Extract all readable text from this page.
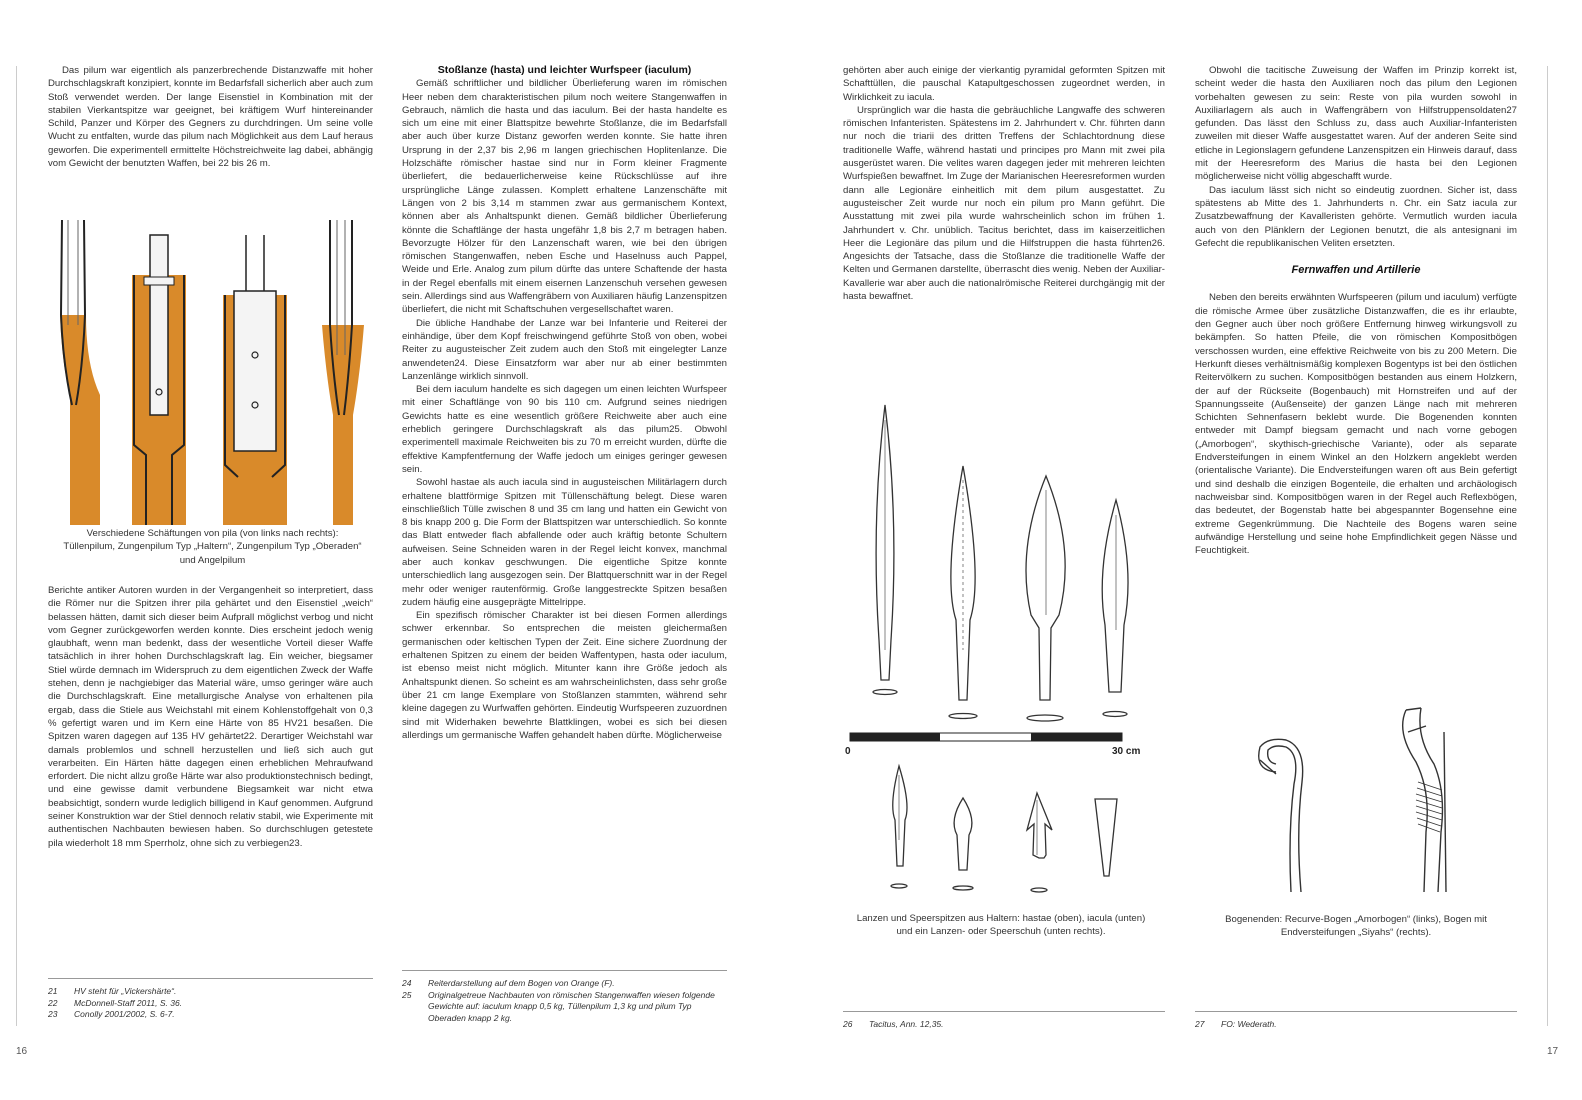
Das pilum war eigentlich als panzerbrechende Distanzwaffe mit hoher Durchschlagskraft konzipiert, konnte im Bedarfsfall sicherlich aber auch zum Stoß verwendet werden. Der lange Eisenstiel in Kombination mit der stabilen Vierkantspitze war geeignet, bei kräftigem Wurf hintereinander Schild, Panzer und Körper des Gegners zu durchdringen. Um seine volle Wucht zu entfalten, wurde das pilum nach Möglichkeit aus dem Lauf heraus geworfen. Die experimentell ermittelte Höchstreichweite lag dabei, abhängig vom Gewicht der benutzten Waffen, bei 22 bis 26 m.

Verschiedene Schäftungen von pila (von links nach rechts): Tüllenpilum, Zungenpilum Typ „Haltern“, Zungenpilum Typ „Oberaden“ und Angelpilum

Berichte antiker Autoren wurden in der Vergangenheit so interpretiert, dass die Römer nur die Spitzen ihrer pila gehärtet und den Eisenstiel „weich“ belassen hätten, damit sich dieser beim Aufprall möglichst verbog und nicht vom Gegner zurückgeworfen werden konnte. Dies erscheint jedoch wenig glaubhaft, wenn man bedenkt, dass der wesentliche Vorteil dieser Waffe tatsächlich in ihrer hohen Durchschlagskraft lag. Ein weicher, biegsamer Stiel würde demnach im Widerspruch zu dem eigentlichen Zweck der Waffe stehen, denn je nachgiebiger das Material wäre, umso geringer wäre auch die Durchschlagskraft. Eine metallurgische Analyse von erhaltenen pila ergab, dass die Stiele aus Weichstahl mit einem Kohlenstoffgehalt von 0,3 % gefertigt waren und im Kern eine Härte von 85 HV21 besaßen. Die Spitzen waren dagegen auf 135 HV gehärtet22. Derartiger Weichstahl war damals problemlos und schnell herzustellen und ließ sich auch gut verarbeiten. Ein Härten hätte dagegen einen erheblichen Mehraufwand erfordert. Die nicht allzu große Härte war also produktionstechnisch bedingt, und eine gewisse damit verbundene Biegsamkeit war nicht etwa beabsichtigt, sondern wurde lediglich billigend in Kauf genommen. Aufgrund seiner Konstruktion war der Stiel dennoch relativ stabil, wie Experimente mit authentischen Nachbauten bewiesen haben. So durchschlugen getestete pila wiederholt 18 mm Sperrholz, ohne sich zu verbiegen23.

Stoßlanze (hasta) und leichter Wurfspeer (iaculum)

Gemäß schriftlicher und bildlicher Überlieferung waren im römischen Heer neben dem charakteristischen pilum noch weitere Stangenwaffen in Gebrauch, nämlich die hasta und das iaculum. Bei der hasta handelte es sich um eine mit einer Blattspitze bewehrte Stoßlanze, die im Bedarfsfall aber auch über kurze Distanz geworfen werden konnte. Sie hatte ihren Ursprung in der 2,37 bis 2,96 m langen griechischen Hoplitenlanze. Die Holzschäfte römischer hastae sind nur in Form kleiner Fragmente überliefert, die bedauerlicherweise keine Rückschlüsse auf ihre ursprüngliche Länge zulassen. Komplett erhaltene Lanzenschäfte mit Längen von 2 bis 3,14 m stammen zwar aus germanischem Kontext, können aber als Anhaltspunkt dienen. Gemäß bildlicher Überlieferung könnte die Schaftlänge der hasta ungefähr 1,8 bis 2,7 m betragen haben. Bevorzugte Hölzer für den Lanzenschaft waren, wie bei den übrigen römischen Stangenwaffen, neben Esche und Haselnuss auch Pappel, Weide und Erle. Analog zum pilum dürfte das untere Schaftende der hasta in der Regel ebenfalls mit einem eisernen Lanzenschuh versehen gewesen sein. Allerdings sind aus Waffengräbern von Auxiliaren häufig Lanzenspitzen überliefert, die nicht mit Schaftschuhen vergesellschaftet waren.

Die übliche Handhabe der Lanze war bei Infanterie und Reiterei der einhändige, über dem Kopf freischwingend geführte Stoß von oben, wobei Reiter zu augusteischer Zeit zudem auch den Stoß mit eingelegter Lanze anwendeten24. Diese Einsatzform war aber nur ab einer bestimmten Lanzenlänge wirklich sinnvoll.

Bei dem iaculum handelte es sich dagegen um einen leichten Wurfspeer mit einer Schaftlänge von 90 bis 110 cm. Aufgrund seines niedrigen Gewichts hatte es eine wesentlich größere Reichweite aber auch eine erheblich geringere Durchschlagskraft als das pilum25. Obwohl experimentell maximale Reichweiten bis zu 70 m erreicht wurden, dürfte die effektive Kampfentfernung der Waffe jedoch um einiges geringer gewesen sein.

Sowohl hastae als auch iacula sind in augusteischen Militärlagern durch erhaltene blattförmige Spitzen mit Tüllenschäftung belegt. Diese waren einschließlich Tülle zwischen 8 und 35 cm lang und hatten ein Gewicht von 8 bis knapp 200 g. Die Form der Blattspitzen war unterschiedlich. So konnte das Blatt entweder flach abfallende oder auch kräftig betonte Schultern aufweisen. Seine Schneiden waren in der Regel leicht konvex, manchmal aber auch konkav geschwungen. Die eigentliche Spitze konnte unterschiedlich lang ausgezogen sein. Der Blattquerschnitt war in der Regel mehr oder weniger rautenförmig. Große langgestreckte Spitzen besaßen zudem häufig eine ausgeprägte Mittelrippe.

Ein spezifisch römischer Charakter ist bei diesen Formen allerdings schwer erkennbar. So entsprechen die meisten gleichermaßen germanischen oder keltischen Typen der Zeit. Eine sichere Zuordnung der erhaltenen Spitzen zu einem der beiden Waffentypen, hasta oder iaculum, ist ebenso meist nicht möglich. Mitunter kann ihre Größe jedoch als Anhaltspunkt dienen. So scheint es am wahrscheinlichsten, dass sehr große über 21 cm lange Exemplare von Stoßlanzen stammten, während sehr kleine dagegen zu Wurfwaffen gehörten. Eindeutig Wurfspeeren zuzuordnen sind mit Widerhaken bewehrte Blattklingen, wobei es sich bei diesen allerdings um germanische Waffen gehandelt haben dürfte. Möglicherweise

21	HV steht für „Vickershärte“.
22	McDonnell-Staff 2011, S. 36.
23	Conolly 2001/2002, S. 6-7.
24	Reiterdarstellung auf dem Bogen von Orange (F).
25	Originalgetreue Nachbauten von römischen Stangenwaffen wiesen folgende Gewichte auf: iaculum knapp 0,5 kg, Tüllenpilum 1,3 kg und pilum Typ Oberaden knapp 2 kg.
16

gehörten aber auch einige der vierkantig pyramidal geformten Spitzen mit Schafttüllen, die pauschal Katapultgeschossen zugeordnet werden, in Wirklichkeit zu iacula.

Ursprünglich war die hasta die gebräuchliche Langwaffe des schweren römischen Infanteristen. Spätestens im 2. Jahrhundert v. Chr. führten dann nur noch die triarii des dritten Treffens der Schlachtordnung diese traditionelle Waffe, während hastati und principes pro Mann mit zwei pila ausgerüstet waren. Die velites waren dagegen jeder mit mehreren leichten Wurfspießen bewaffnet. Im Zuge der Marianischen Heeresreformen wurden dann alle Legionäre einheitlich mit dem pilum ausgestattet. Zu augusteischer Zeit wurde nur noch ein pilum pro Mann geführt. Die Ausstattung mit zwei pila wurde wahrscheinlich schon im frühen 1. Jahrhundert v. Chr. unüblich. Tacitus berichtet, dass im kaiserzeitlichen Heer die Legionäre das pilum und die Hilfstruppen die hasta führten26. Angesichts der Tatsache, dass die Stoßlanze die traditionelle Waffe der Kelten und Germanen darstellte, überrascht dies wenig. Neben der Auxiliar-Kavallerie war aber auch die nationalrömische Reiterei durchgängig mit der hasta bewaffnet.

0	30 cm
Lanzen und Speerspitzen aus Haltern: hastae (oben), iacula (unten) und ein Lanzen- oder Speerschuh (unten rechts).

Obwohl die tacitische Zuweisung der Waffen im Prinzip korrekt ist, scheint weder die hasta den Auxiliaren noch das pilum den Legionen vorbehalten gewesen zu sein: Reste von pila wurden sowohl in Auxiliarlagern als auch in Waffengräbern von Hilfstruppensoldaten27 gefunden. Das lässt den Schluss zu, dass auch Auxiliar-Infanteristen zuweilen mit dieser Waffe ausgestattet waren. Auf der anderen Seite sind etliche in Legionslagern gefundene Lanzenspitzen ein Hinweis darauf, dass mit der Heeresreform des Marius die hasta bei den Legionen möglicherweise nicht völlig abgeschafft wurde.

Das iaculum lässt sich nicht so eindeutig zuordnen. Sicher ist, dass spätestens ab Mitte des 1. Jahrhunderts n. Chr. ein Satz iacula zur Zusatzbewaffnung der Kavalleristen gehörte. Vermutlich wurden iacula auch von den Plänklern der Legionen benutzt, die als antesignani im Gefecht die republikanischen Veliten ersetzten.

Fernwaffen und Artillerie

Neben den bereits erwähnten Wurfspeeren (pilum und iaculum) verfügte die römische Armee über zusätzliche Distanzwaffen, die es ihr erlaubte, den Gegner auch über noch größere Entfernung hinweg wirkungsvoll zu bekämpfen. So hatten Pfeile, die von römischen Kompositbögen verschossen wurden, eine effektive Reichweite von bis zu 200 Metern. Die Herkunft dieses verhältnismäßig komplexen Bogentyps ist bei den östlichen Reitervölkern zu suchen. Kompositbögen bestanden aus einem Holzkern, der auf der Rückseite (Bogenbauch) mit Hornstreifen und auf der Spannungsseite (Außenseite) der ganzen Länge nach mit mehreren Schichten Sehnenfasern beklebt wurde. Die Bogenenden konnten entweder mit Dampf biegsam gemacht und nach vorne gebogen („Amorbogen“, skythisch-griechische Variante), oder als separate Endversteifungen in einem Winkel an den Holzkern angeklebt werden (orientalische Variante). Die Endversteifungen waren oft aus Bein gefertigt und sind deshalb die einzigen Bogenteile, die erhalten und archäologisch nachweisbar sind. Kompositbögen waren in der Regel auch Reflexbögen, das bedeutet, der Bogenstab hatte bei abgespannter Bogensehne eine extreme Gegenkrümmung. Die Nachteile des Bogens waren seine aufwändige Herstellung und seine hohe Empfindlichkeit gegen Nässe und Feuchtigkeit.

Bogenenden: Recurve-Bogen „Amorbogen“ (links), Bogen mit Endversteifungen „Siyahs“ (rechts).
26	Tacitus, Ann. 12,35.	27	FO: Wederath.
17
